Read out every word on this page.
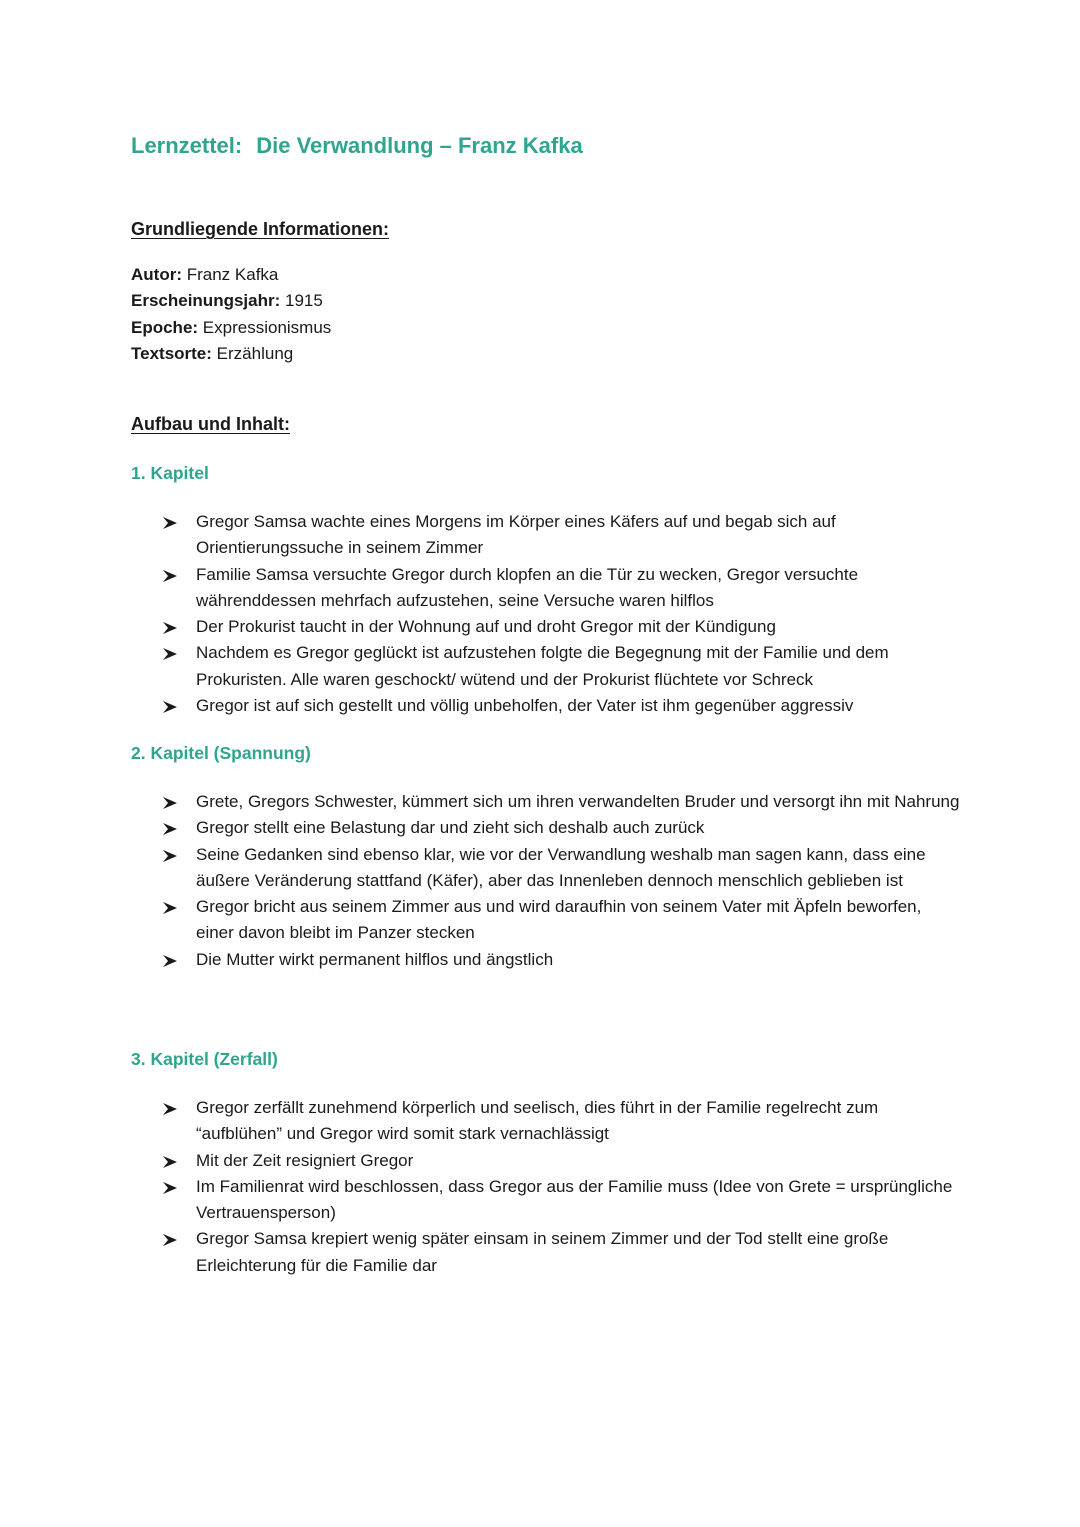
Lernzettel: Die Verwandlung – Franz Kafka
Grundliegende Informationen:
Autor: Franz Kafka
Erscheinungsjahr: 1915
Epoche: Expressionismus
Textsorte: Erzählung
Aufbau und Inhalt:
1. Kapitel
Gregor Samsa wachte eines Morgens im Körper eines Käfers auf und begab sich auf Orientierungssuche in seinem Zimmer
Familie Samsa versuchte Gregor durch klopfen an die Tür zu wecken, Gregor versuchte währenddessen mehrfach aufzustehen, seine Versuche waren hilflos
Der Prokurist taucht in der Wohnung auf und droht Gregor mit der Kündigung
Nachdem es Gregor geglückt ist aufzustehen folgte die Begegnung mit der Familie und dem Prokuristen. Alle waren geschockt/ wütend und der Prokurist flüchtete vor Schreck
Gregor ist auf sich gestellt und völlig unbeholfen, der Vater ist ihm gegenüber aggressiv
2. Kapitel (Spannung)
Grete, Gregors Schwester, kümmert sich um ihren verwandelten Bruder und versorgt ihn mit Nahrung
Gregor stellt eine Belastung dar und zieht sich deshalb auch zurück
Seine Gedanken sind ebenso klar, wie vor der Verwandlung weshalb man sagen kann, dass eine äußere Veränderung stattfand (Käfer), aber das Innenleben dennoch menschlich geblieben ist
Gregor bricht aus seinem Zimmer aus und wird daraufhin von seinem Vater mit Äpfeln beworfen, einer davon bleibt im Panzer stecken
Die Mutter wirkt permanent hilflos und ängstlich
3. Kapitel (Zerfall)
Gregor zerfällt zunehmend körperlich und seelisch, dies führt in der Familie regelrecht zum “aufblühen” und Gregor wird somit stark vernachlässigt
Mit der Zeit resigniert Gregor
Im Familienrat wird beschlossen, dass Gregor aus der Familie muss (Idee von Grete = ursprüngliche Vertrauensperson)
Gregor Samsa krepiert wenig später einsam in seinem Zimmer und der Tod stellt eine große Erleichterung für die Familie dar
